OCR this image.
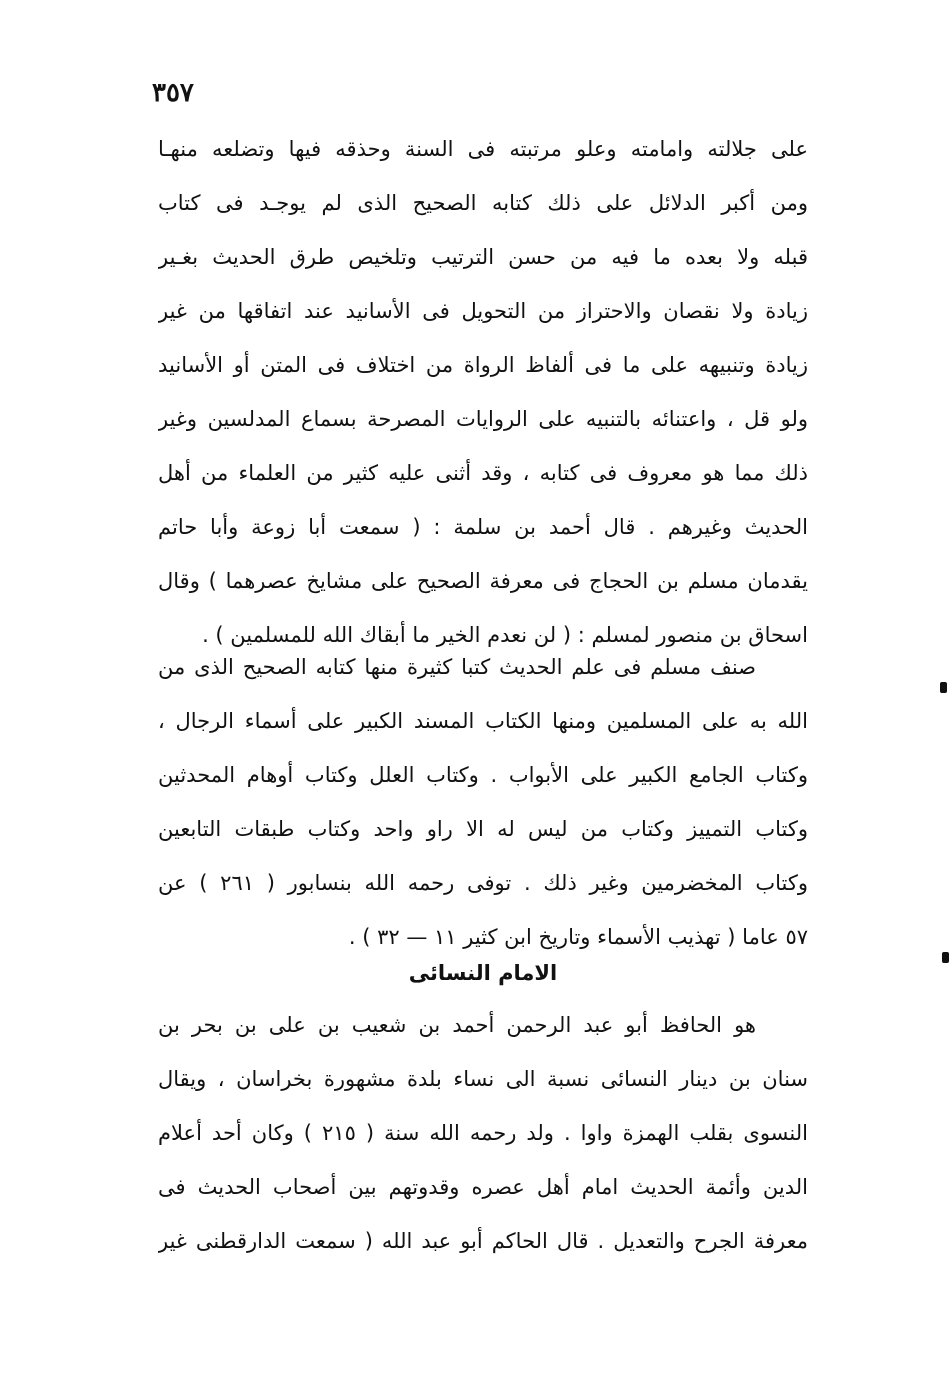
٣٥٧
على جلالته وامامته وعلو مرتبته فى السنة وحذقه فيها وتضلعه منهـا
ومن أكبر الدلائل على ذلك كتابه الصحيح الذى لم يوجـد فى كتاب
قبله ولا بعده ما فيه من حسن الترتيب وتلخيص طرق الحديث بغـير
زيادة ولا نقصان والاحتراز من التحويل فى الأسانيد عند اتفاقها من غير
زيادة وتنبيهه على ما فى ألفاظ الرواة من اختلاف فى المتن أو الأسانيد
ولو قل ، واعتنائه بالتنبيه على الروايات المصرحة بسماع المدلسين وغير
ذلك مما هو معروف فى كتابه ، وقد أثنى عليه كثير من العلماء من أهل
الحديث وغيرهم . قال أحمد بن سلمة : ( سمعت أبا زوعة وأبا حاتم
يقدمان مسلم بن الحجاج فى معرفة الصحيح على مشايخ عصرهما ) وقال
اسحاق بن منصور لمسلم : ( لن نعدم الخير ما أبقاك الله للمسلمين ) .
صنف مسلم فى علم الحديث كتبا كثيرة منها كتابه الصحيح الذى من
الله به على المسلمين ومنها الكتاب المسند الكبير على أسماء الرجال ،
وكتاب الجامع الكبير على الأبواب . وكتاب العلل وكتاب أوهام المحدثين
وكتاب التمييز وكتاب من ليس له الا راو واحد وكتاب طبقات التابعين
وكتاب المخضرمين وغير ذلك . توفى رحمه الله بنسابور ( ٢٦١ ) عن
٥٧ عاما ( تهذيب الأسماء وتاريخ ابن كثير ١١ — ٣٢ ) .
الامام النسائى
هو الحافظ أبو عبد الرحمن أحمد بن شعيب بن على بن بحر بن
سنان بن دينار النسائى نسبة الى نساء بلدة مشهورة بخراسان ، ويقال
النسوى بقلب الهمزة واوا . ولد رحمه الله سنة ( ٢١٥ ) وكان أحد أعلام
الدين وأئمة الحديث امام أهل عصره وقدوتهم بين أصحاب الحديث فى
معرفة الجرح والتعديل . قال الحاكم أبو عبد الله ( سمعت الدارقطنى غير
